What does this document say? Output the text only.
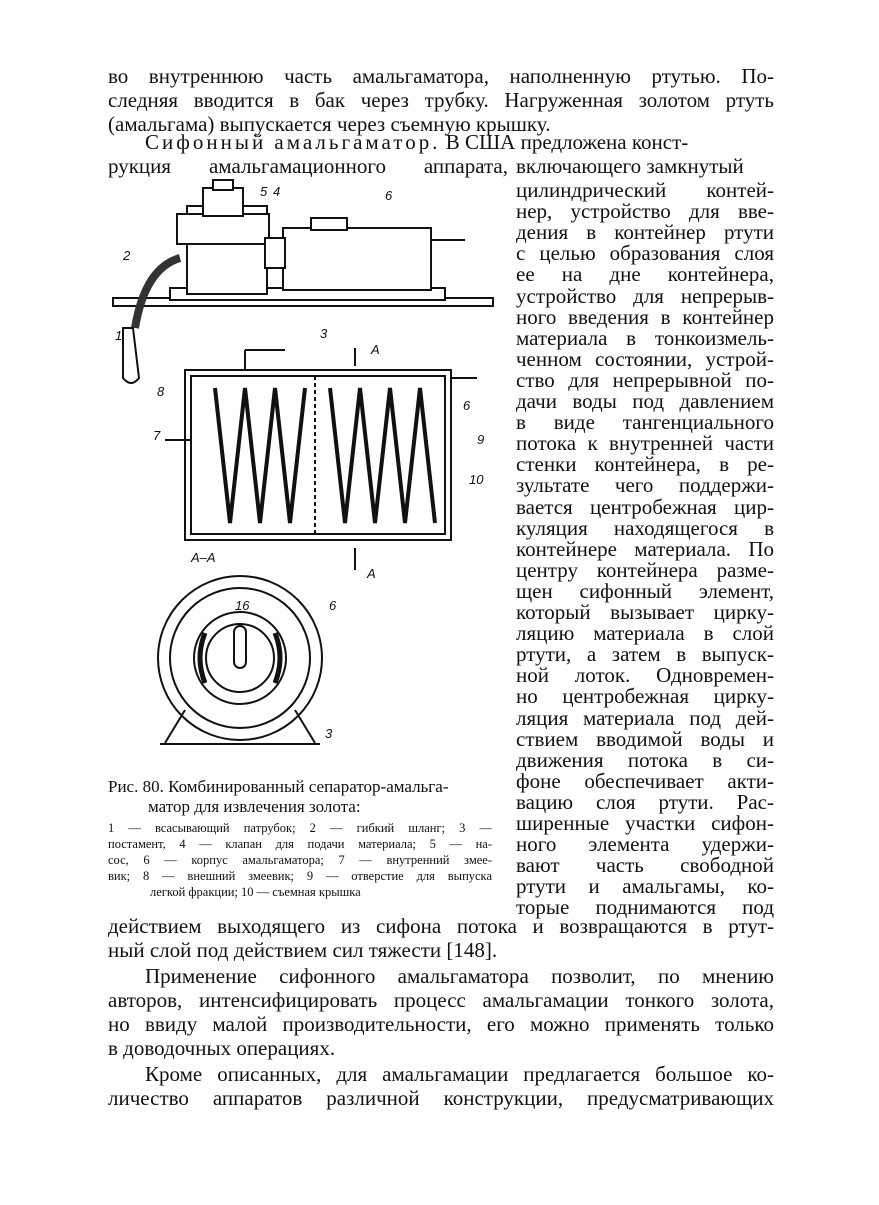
во внутреннюю часть амальгаматора, наполненную ртутью. По-
следняя вводится в бак через трубку. Нагруженная золотом ртуть
(амальгама) выпускается через съемную крышку.
Сифонный амальгаматор. В США предложена конст-
рукция амальгамационного аппарата, включающего замкнутый
цилиндрический контей-
нер, устройство для вве-
дения в контейнер ртути
с целью образования слоя
ее на дне контейнера,
устройство для непрерыв-
ного введения в контейнер
материала в тонкоизмель-
ченном состоянии, устрой-
ство для непрерывной по-
дачи воды под давлением
в виде тангенциального
потока к внутренней части
стенки контейнера, в ре-
зультате чего поддержи-
вается центробежная цир-
куляция находящегося в
контейнере материала. По
центру контейнера разме-
щен сифонный элемент,
который вызывает цирку-
ляцию материала в слой
ртути, а затем в выпуск-
ной лоток. Одновремен-
но центробежная цирку-
ляция материала под дей-
ствием вводимой воды и
движения потока в си-
фоне обеспечивает акти-
вацию слоя ртути. Рас-
ширенные участки сифон-
ного элемента удержи-
вают часть свободной
ртути и амальгамы, ко-
торые поднимаются под
1
2
3
3
4
5	6
6
6
7
8
9
10
16
А
А
А–А
Рис. 80. Комбинированный сепаратор-амальга-
матор для извлечения золота:
1 — всасывающий патрубок; 2 — гибкий шланг; 3 —
постамент, 4 — клапан для подачи материала; 5 — на-
сос, 6 — корпус амальгаматора; 7 — внутренний змее-
вик; 8 — внешний змеевик; 9 — отверстие для выпуска
легкой фракции; 10 — съемная крышка
действием выходящего из сифона потока и возвращаются в ртут-
ный слой под действием сил тяжести [148].
Применение сифонного амальгаматора позволит, по мнению
авторов, интенсифицировать процесс амальгамации тонкого золота,
но ввиду малой производительности, его можно применять только
в доводочных операциях.
Кроме описанных, для амальгамации предлагается большое ко-
личество аппаратов различной конструкции, предусматривающих
